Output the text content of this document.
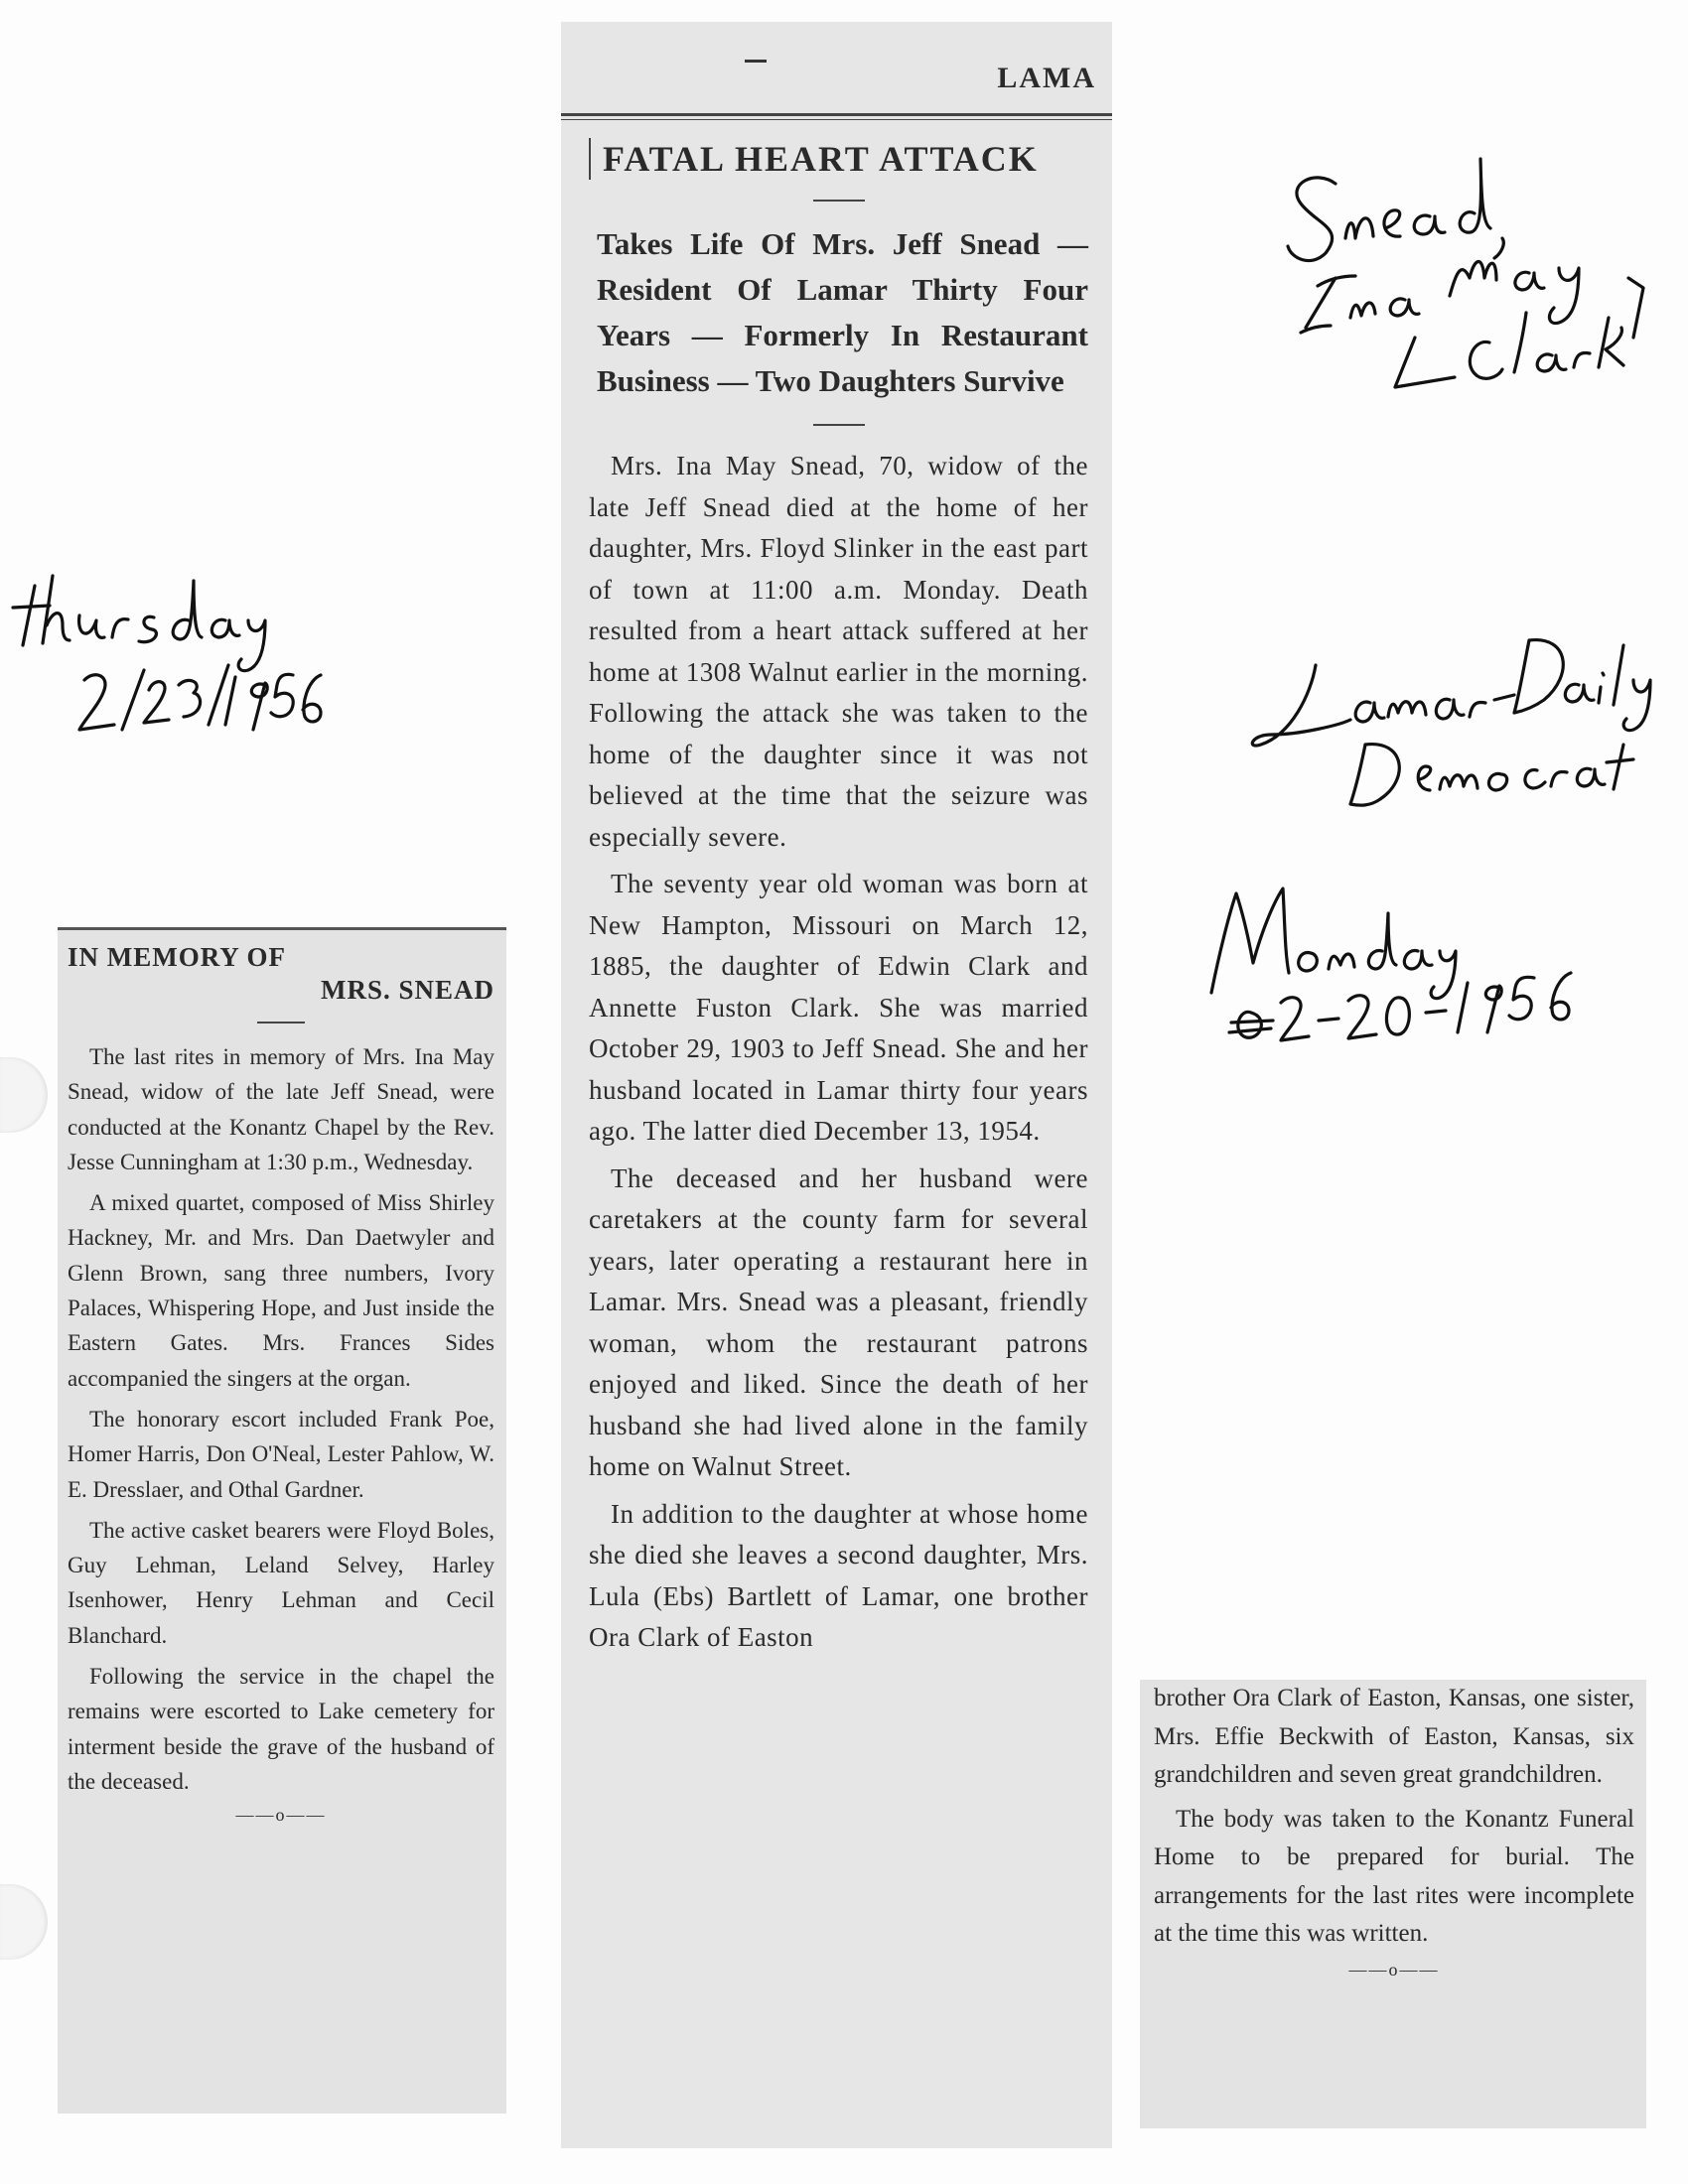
LAMA
FATAL HEART ATTACK
Takes Life Of Mrs. Jeff Snead — Resident Of Lamar Thirty Four Years — Formerly In Restaurant Business — Two Daughters Survive

Mrs. Ina May Snead, 70, widow of the late Jeff Snead died at the home of her daughter, Mrs. Floyd Slinker in the east part of town at 11:00 a.m. Monday. Death resulted from a heart attack suffered at her home at 1308 Walnut earlier in the morning. Following the attack she was taken to the home of the daughter since it was not believed at the time that the seizure was especially severe.

The seventy year old woman was born at New Hampton, Missouri on March 12, 1885, the daughter of Edwin Clark and Annette Fuston Clark. She was married October 29, 1903 to Jeff Snead. She and her husband located in Lamar thirty four years ago. The latter died December 13, 1954.

The deceased and her husband were caretakers at the county farm for several years, later operating a restaurant here in Lamar. Mrs. Snead was a pleasant, friendly woman, whom the restaurant patrons enjoyed and liked. Since the death of her husband she had lived alone in the family home on Walnut Street.

In addition to the daughter at whose home she died she leaves a second daughter, Mrs. Lula (Ebs) Bartlett of Lamar, one brother Ora Clark of Easton

IN MEMORY OF
MRS. SNEAD

The last rites in memory of Mrs. Ina May Snead, widow of the late Jeff Snead, were conducted at the Konantz Chapel by the Rev. Jesse Cunningham at 1:30 p.m., Wednesday.

A mixed quartet, composed of Miss Shirley Hackney, Mr. and Mrs. Dan Daetwyler and Glenn Brown, sang three numbers, Ivory Palaces, Whispering Hope, and Just inside the Eastern Gates. Mrs. Frances Sides accompanied the singers at the organ.

The honorary escort included Frank Poe, Homer Harris, Don O'Neal, Lester Pahlow, W. E. Dresslaer, and Othal Gardner.

The active casket bearers were Floyd Boles, Guy Lehman, Leland Selvey, Harley Isenhower, Henry Lehman and Cecil Blanchard.

Following the service in the chapel the remains were escorted to Lake cemetery for interment beside the grave of the husband of the deceased.

——o——

brother Ora Clark of Easton, Kansas, one sister, Mrs. Effie Beckwith of Easton, Kansas, six grandchildren and seven great grandchildren.

The body was taken to the Konantz Funeral Home to be prepared for burial. The arrangements for the last rites were incomplete at the time this was written.

——o——
